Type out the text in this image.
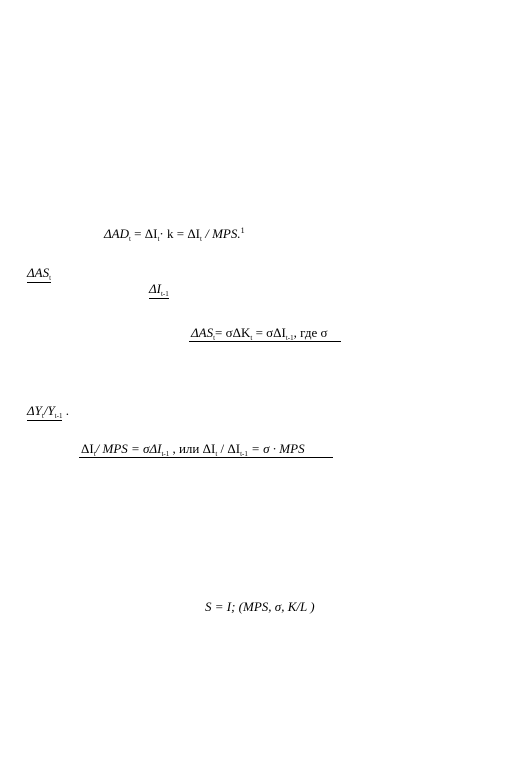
$\Delta AD_t = \Delta I_t\cdot k = \Delta I_t / MPS.^1$
$\Delta AS_t$
$\Delta I_{t-1}$
$\Delta AS_t= \sigma\Delta K_t = \sigma\Delta I_{t-1}$, где σ
$\Delta Y_t/Y_{t-1}$ .
$\Delta I_t/$ MPS = σΔI$_{t-1}$ , или $\Delta I_t / \Delta I_{t-1} = \sigma$ · MPS
S = I; (MPS, σ, K/L )
